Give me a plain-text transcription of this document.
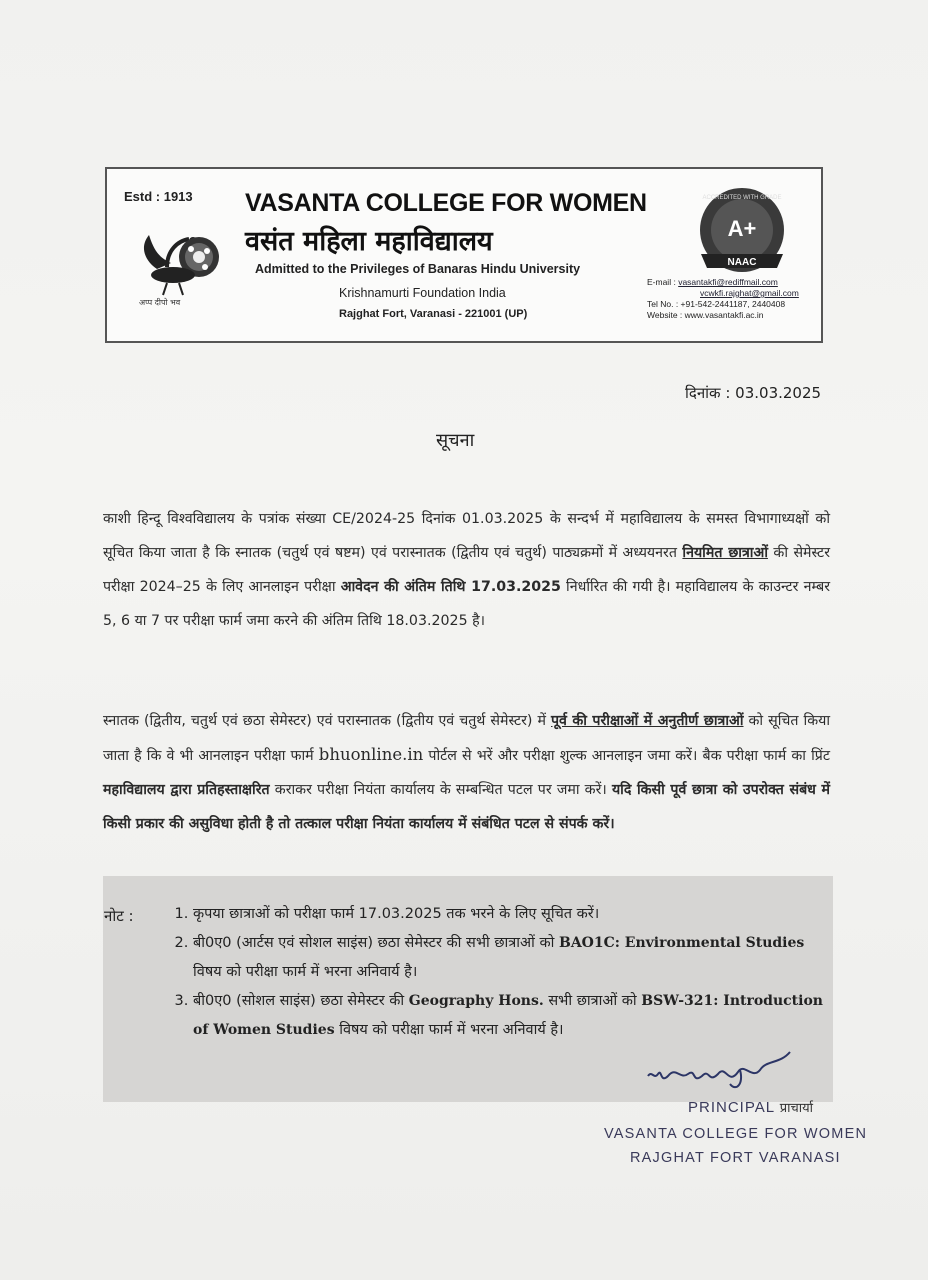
Estd : 1913
अप्प दीपो भव
VASANTA COLLEGE FOR WOMEN
वसंत महिला महाविद्यालय
Admitted to the Privileges of Banaras Hindu University
Krishnamurti Foundation India
Rajghat Fort, Varanasi - 221001 (UP)
A+
ACCREDITED WITH GRADE
NAAC
E-mail : vasantakfi@rediffmail.com
vcwkfi.rajghat@gmail.com
Tel No. : +91-542-2441187, 2440408
Website : www.vasantakfi.ac.in
दिनांक : 03.03.2025
सूचना
काशी हिन्दू विश्वविद्यालय के पत्रांक संख्या CE/2024-25 दिनांक 01.03.2025 के सन्दर्भ में महाविद्यालय के समस्त विभागाध्यक्षों को सूचित किया जाता है कि स्नातक (चतुर्थ एवं षष्टम) एवं परास्नातक (द्वितीय एवं चतुर्थ) पाठ्यक्रमों में अध्ययनरत नियमित छात्राओं की सेमेस्टर परीक्षा 2024–25 के लिए आनलाइन परीक्षा आवेदन की अंतिम तिथि 17.03.2025 निर्धारित की गयी है। महाविद्यालय के काउन्टर नम्बर 5, 6 या 7 पर परीक्षा फार्म जमा करने की अंतिम तिथि 18.03.2025 है।
स्नातक (द्वितीय, चतुर्थ एवं छठा सेमेस्टर) एवं परास्नातक (द्वितीय एवं चतुर्थ सेमेस्टर) में पूर्व की परीक्षाओं में अनुतीर्ण छात्राओं को सूचित किया जाता है कि वे भी आनलाइन परीक्षा फार्म bhuonline.in पोर्टल से भरें और परीक्षा शुल्क आनलाइन जमा करें। बैक परीक्षा फार्म का प्रिंट महाविद्यालय द्वारा प्रतिहस्ताक्षरित कराकर परीक्षा नियंता कार्यालय के सम्बन्धित पटल पर जमा करें। यदि किसी पूर्व छात्रा को उपरोक्त संबंध में किसी प्रकार की असुविधा होती है तो तत्काल परीक्षा नियंता कार्यालय में संबंधित पटल से संपर्क करें।
नोट :
1.	कृपया छात्राओं को परीक्षा फार्म 17.03.2025 तक भरने के लिए सूचित करें।
2. बी0ए0 (आर्टस एवं सोशल साइंस) छठा सेमेस्टर की सभी छात्राओं को BAO1C: Environmental Studies विषय को परीक्षा फार्म में भरना अनिवार्य है।
3. बी0ए0 (सोशल साइंस) छठा सेमेस्टर की Geography Hons. सभी छात्राओं को BSW-321: Introduction of Women Studies विषय को परीक्षा फार्म में भरना अनिवार्य है।
PRINCIPAL प्राचार्या
VASANTA COLLEGE FOR WOMEN
RAJGHAT FORT VARANASI
